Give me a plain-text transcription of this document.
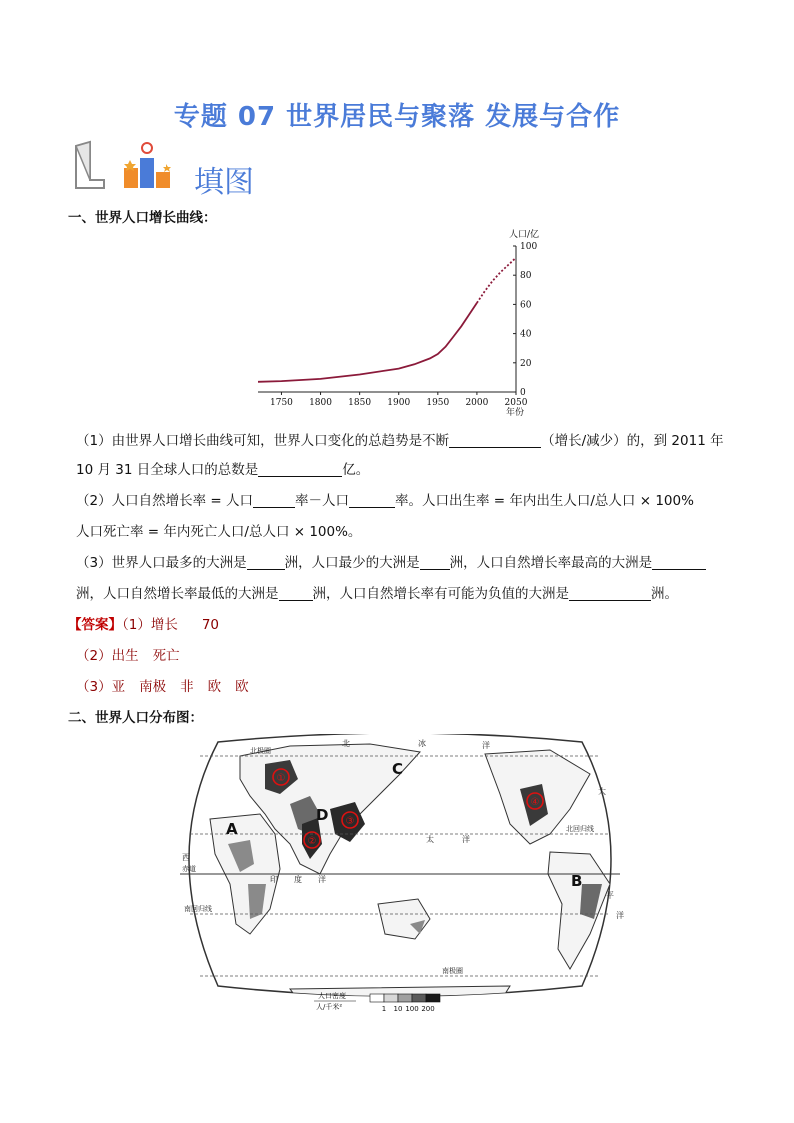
专题 07 世界居民与聚落 发展与合作
填图
一、世界人口增长曲线：
人口/亿
年份
0
20
40
60
80
100
1750 1800 1850 1900 1950 2000 2050
（1）由世界人口增长曲线可知，世界人口变化的总趋势是不断	（增长/减少）的，到 2011 年
10 月 31 日全球人口的总数是	亿。
（2）人口自然增长率 = 人口	率－人口	率。人口出生率 = 年内出生人口/总人口 × 100%
人口死亡率 = 年内死亡人口/总人口 × 100%。
（3）世界人口最多的大洲是	洲，人口最少的大洲是 洲，人口自然增长率最高的大洲是
洲，人口自然增长率最低的大洲是	洲，人口自然增长率有可能为负值的大洲是	洲。
【答案】（1）增长 70
（2）出生 死亡
（3）亚 南极 非 欧 欧
二、世界人口分布图：
北极圈
北回归线
赤道
南回归线
南极圈
北	冰	洋
太	洋
西
印 度 洋
大
平
洋
A
B
C
D
①
②
③
④
人口密度
人/千米²	1 10 100 200
